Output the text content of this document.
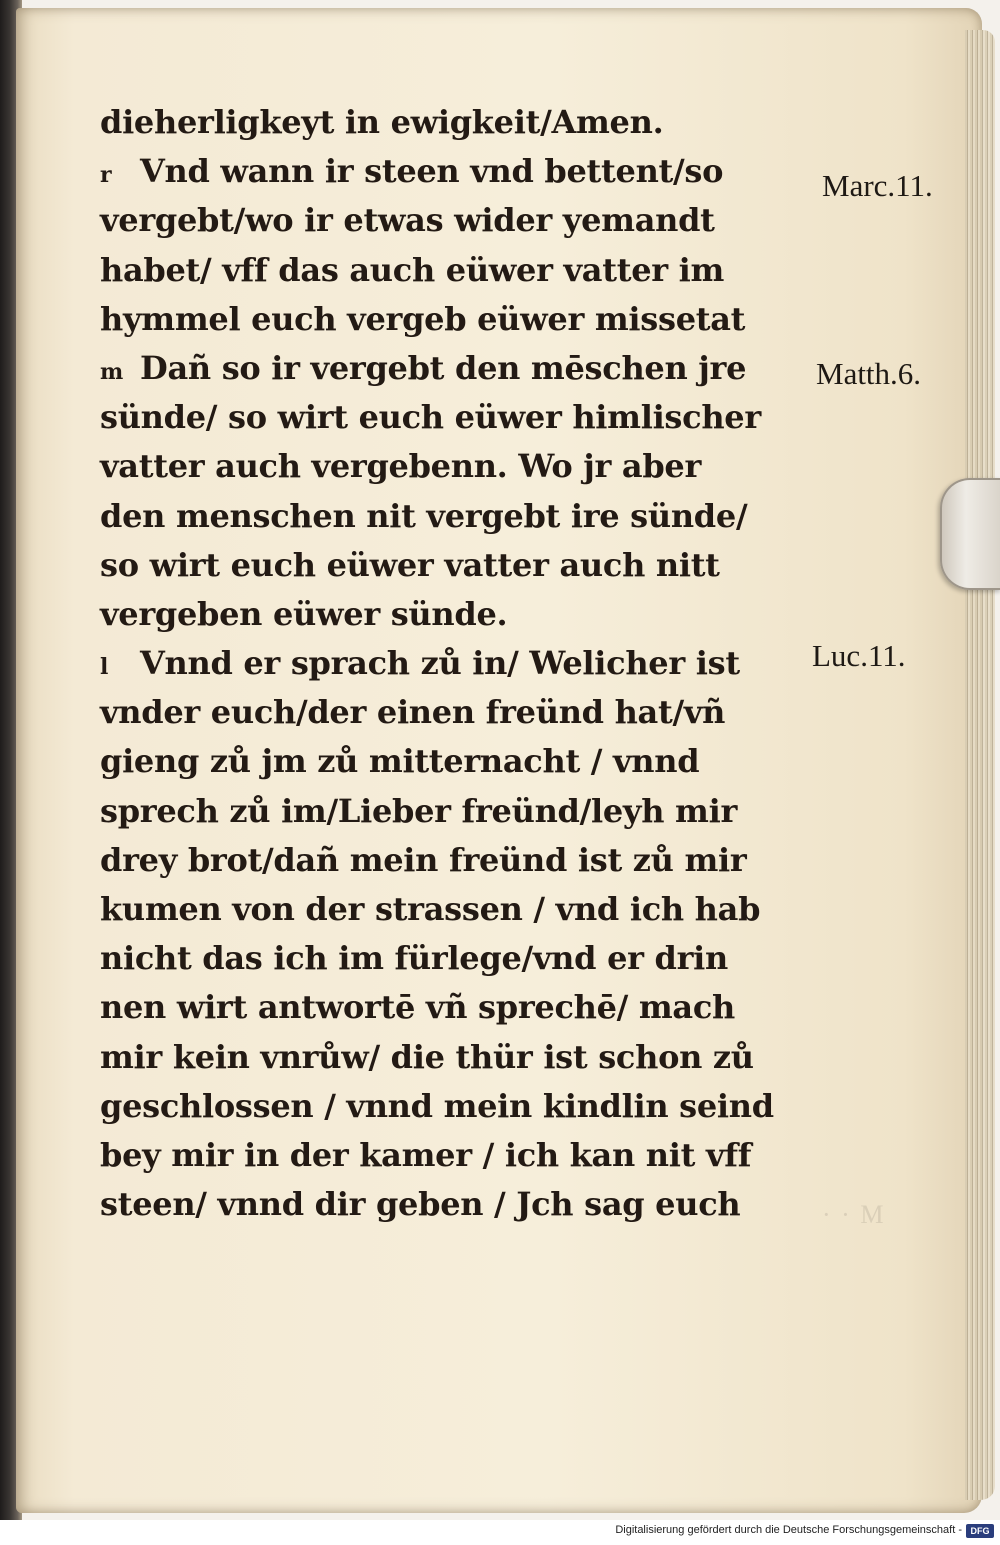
dieherligkeyt in ewigkeit/Amen.
r Vnd wann ir steen vnd bettent/so
vergebt/wo ir etwas wider yemandt
habet/ vff das auch eüwer vatter im
hymmel euch vergeb eüwer missetat
m Dañ so ir vergebt den mēschen jre
sünde/ so wirt euch eüwer himlischer
vatter auch vergebenn. Wo jr aber
den menschen nit vergebt ire sünde/
so wirt euch eüwer vatter auch nitt
vergeben eüwer sünde.
l Vnnd er sprach zů in/ Welicher ist
vnder euch/der einen freünd hat/vñ
gieng zů jm zů mitternacht / vnnd
sprech zů im/Lieber freünd/leyh mir
drey brot/dañ mein freünd ist zů mir
kumen von der strassen / vnd ich hab
nicht das ich im fürlege/vnd er drin
nen wirt antwortē vñ sprechē/ mach
mir kein vnrůw/ die thür ist schon zů
geschlossen / vnnd mein kindlin seind
bey mir in der kamer / ich kan nit vff
steen/ vnnd dir geben / Jch sag euch
Marc.11.
Matth.6.
Luc.11.
· · M
Digitalisierung gefördert durch die Deutsche Forschungsgemeinschaft - DFG
